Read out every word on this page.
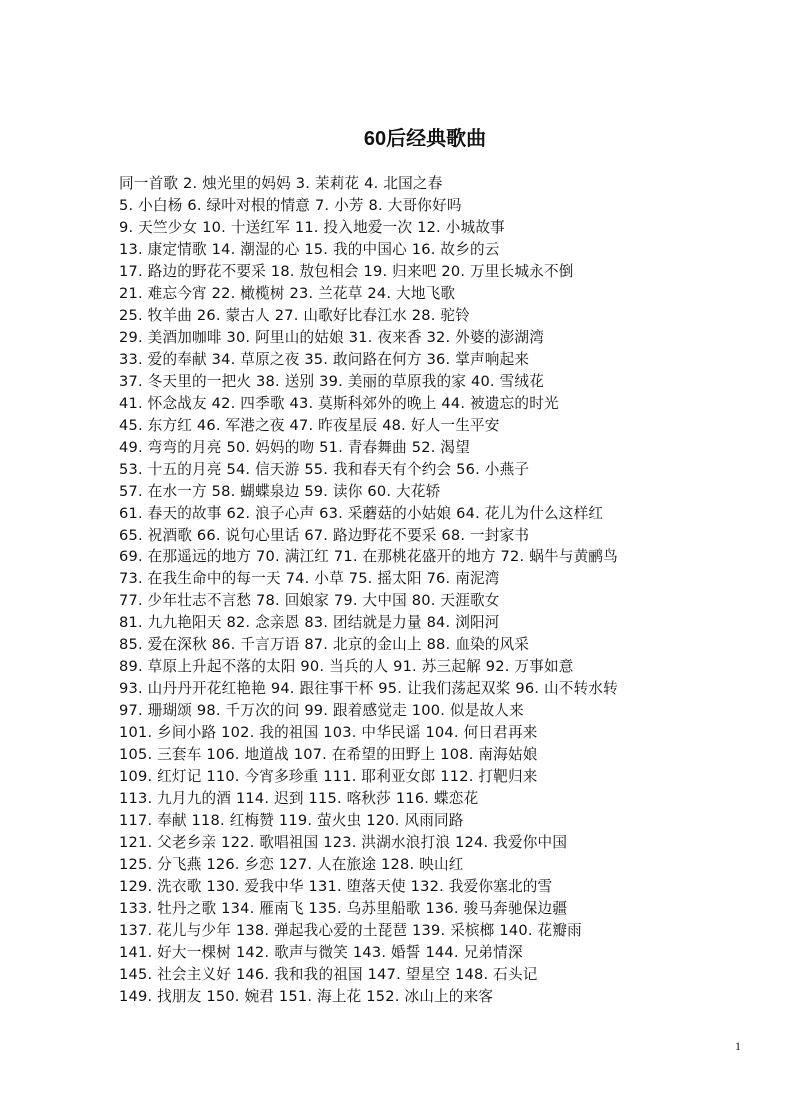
60后经典歌曲
同一首歌 2. 烛光里的妈妈 3. 茉莉花 4. 北国之春
5. 小白杨 6. 绿叶对根的情意 7. 小芳 8. 大哥你好吗
9. 天竺少女 10. 十送红军 11. 投入地爱一次 12. 小城故事
13. 康定情歌 14. 潮湿的心 15. 我的中国心 16. 故乡的云
17. 路边的野花不要采 18. 敖包相会 19. 归来吧 20. 万里长城永不倒
21. 难忘今宵 22. 橄榄树 23. 兰花草 24. 大地飞歌
25. 牧羊曲 26. 蒙古人 27. 山歌好比春江水 28. 驼铃
29. 美酒加咖啡 30. 阿里山的姑娘 31. 夜来香 32. 外婆的澎湖湾
33. 爱的奉献 34. 草原之夜 35. 敢问路在何方 36. 掌声响起来
37. 冬天里的一把火 38. 送别 39. 美丽的草原我的家 40. 雪绒花
41. 怀念战友 42. 四季歌 43. 莫斯科郊外的晚上 44. 被遗忘的时光
45. 东方红 46. 军港之夜 47. 昨夜星辰 48. 好人一生平安
49. 弯弯的月亮 50. 妈妈的吻 51. 青春舞曲 52. 渴望
53. 十五的月亮 54. 信天游 55. 我和春天有个约会 56. 小燕子
57. 在水一方 58. 蝴蝶泉边 59. 读你 60. 大花轿
61. 春天的故事 62. 浪子心声 63. 采蘑菇的小姑娘 64. 花儿为什么这样红
65. 祝酒歌 66. 说句心里话 67. 路边野花不要采 68. 一封家书
69. 在那遥远的地方 70. 满江红 71. 在那桃花盛开的地方 72. 蜗牛与黄鹂鸟
73. 在我生命中的每一天 74. 小草 75. 摇太阳 76. 南泥湾
77. 少年壮志不言愁 78. 回娘家 79. 大中国 80. 天涯歌女
81. 九九艳阳天 82. 念亲恩 83. 团结就是力量 84. 浏阳河
85. 爱在深秋 86. 千言万语 87. 北京的金山上 88. 血染的风采
89. 草原上升起不落的太阳 90. 当兵的人 91. 苏三起解 92. 万事如意
93. 山丹丹开花红艳艳 94. 跟往事干杯 95. 让我们荡起双桨 96. 山不转水转
97. 珊瑚颂 98. 千万次的问 99. 跟着感觉走 100. 似是故人来
101. 乡间小路 102. 我的祖国 103. 中华民谣 104. 何日君再来
105. 三套车 106. 地道战 107. 在希望的田野上 108. 南海姑娘
109. 红灯记 110. 今宵多珍重 111. 耶利亚女郎 112. 打靶归来
113. 九月九的酒 114. 迟到 115. 喀秋莎 116. 蝶恋花
117. 奉献 118. 红梅赞 119. 萤火虫 120. 风雨同路
121. 父老乡亲 122. 歌唱祖国 123. 洪湖水浪打浪 124. 我爱你中国
125. 分飞燕 126. 乡恋 127. 人在旅途 128. 映山红
129. 洗衣歌 130. 爱我中华 131. 堕落天使 132. 我爱你塞北的雪
133. 牡丹之歌 134. 雁南飞 135. 乌苏里船歌 136. 骏马奔驰保边疆
137. 花儿与少年 138. 弹起我心爱的土琵琶 139. 采槟榔 140. 花瓣雨
141. 好大一棵树 142. 歌声与微笑 143. 婚誓 144. 兄弟情深
145. 社会主义好 146. 我和我的祖国 147. 望星空 148. 石头记
149. 找朋友 150. 婉君 151. 海上花 152. 冰山上的来客
1
